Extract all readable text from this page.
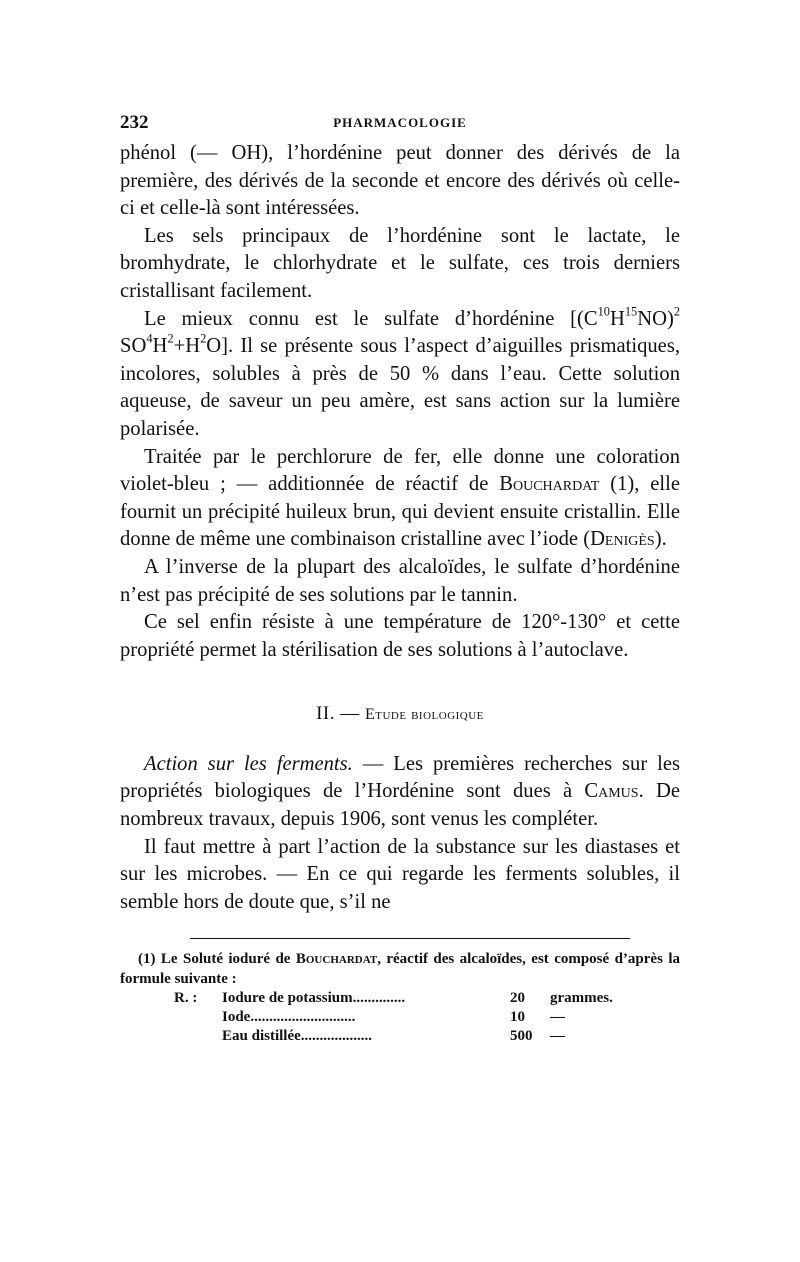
232	PHARMACOLOGIE

phénol (— OH), l’hordénine peut donner des dérivés de la première, des dérivés de la seconde et encore des dérivés où celle-ci et celle-là sont intéressées.

Les sels principaux de l’hordénine sont le lactate, le bromhydrate, le chlorhydrate et le sulfate, ces trois derniers cristallisant facilement.

Le mieux connu est le sulfate d’hordénine [$(C^{10}H^{15}NO)^2$ $SO^4H^2+H^2O$]. Il se présente sous l’aspect d’aiguilles prismatiques, incolores, solubles à près de 50 % dans l’eau. Cette solution aqueuse, de saveur un peu amère, est sans action sur la lumière polarisée.

Traitée par le perchlorure de fer, elle donne une coloration violet-bleu ; — additionnée de réactif de Bouchardat (1), elle fournit un précipité huileux brun, qui devient ensuite cristallin. Elle donne de même une combinaison cristalline avec l’iode (Denigès).

A l’inverse de la plupart des alcaloïdes, le sulfate d’hordénine n’est pas précipité de ses solutions par le tannin.

Ce sel enfin résiste à une température de 120°-130° et cette propriété permet la stérilisation de ses solutions à l’autoclave.

II. — Etude biologique

Action sur les ferments. — Les premières recherches sur les propriétés biologiques de l’Hordénine sont dues à Camus. De nombreux travaux, depuis 1906, sont venus les compléter.

Il faut mettre à part l’action de la substance sur les diastases et sur les microbes. — En ce qui regarde les ferments solubles, il semble hors de doute que, s’il ne

(1) Le Soluté ioduré de Bouchardat, réactif des alcaloïdes, est composé d’après la formule suivante :
R. :	Iodure de potassium..............	20	grammes.
	Iode............................	10	—
	Eau distillée...................	500	—
